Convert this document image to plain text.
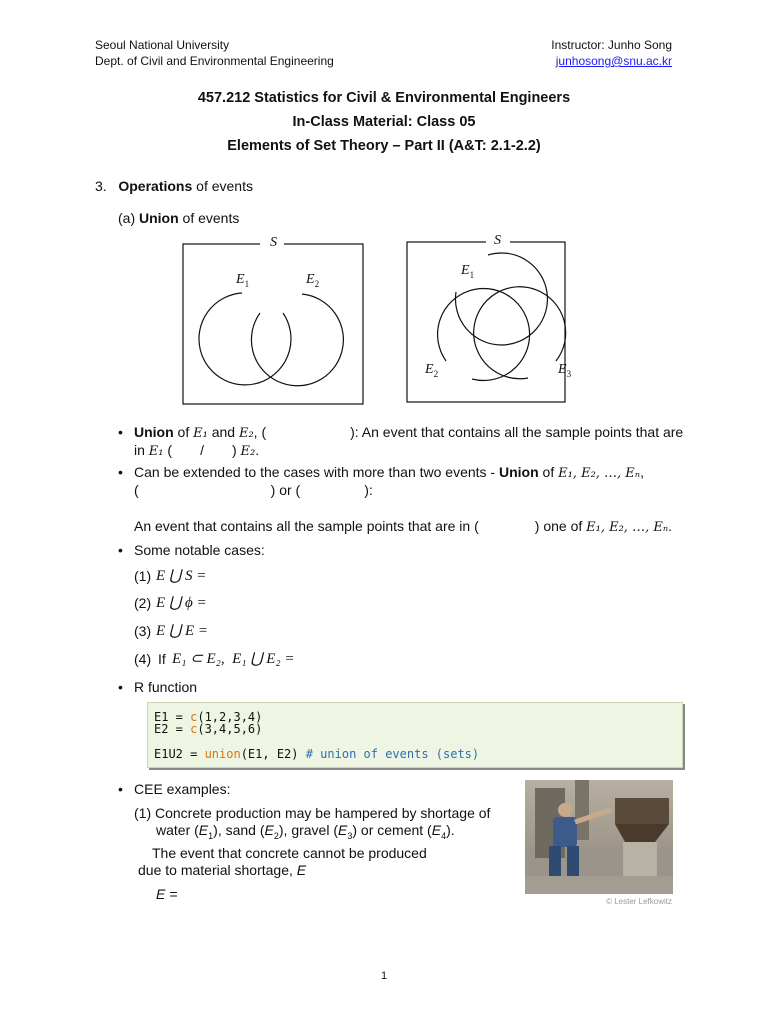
Seoul National University
Dept. of Civil and Environmental Engineering
Instructor: Junho Song
junhosong@snu.ac.kr
457.212 Statistics for Civil & Environmental Engineers
In-Class Material: Class 05
Elements of Set Theory – Part II (A&T: 2.1-2.2)
3. Operations of events
(a) Union of events
S
$E_1$	$E_2$
S
$E_1$
$E_2$	$E_3$
• Union of 𝐸₁ and 𝐸₂, (	): An event that contains all the sample points that are
in 𝐸₁ ( / ) 𝐸₂.
• Can be extended to the cases with more than two events - Union of 𝐸₁, 𝐸₂, …, 𝐸ₙ,
(	) or (	):
An event that contains all the sample points that are in (	) one of 𝐸₁, 𝐸₂, …, 𝐸ₙ.
• Some notable cases:
(1) E ⋃ S =
(2) E ⋃ ϕ =
(3) E ⋃ E =
(4) If E₁ ⊂ E₂,  E₁ ⋃ E₂ =
• R function
E1 = c(1,2,3,4)
E2 = c(3,4,5,6)
E1U2 = union(E1, E2) # union of events (sets)
• CEE examples:
(1) Concrete production may be hampered by shortage of
water $(E_1)$, sand $(E_2)$, gravel $(E_3)$ or cement $(E_4)$.
The event that concrete cannot be produced
due to material shortage, E
E =	© Lester Lefkowitz
1
